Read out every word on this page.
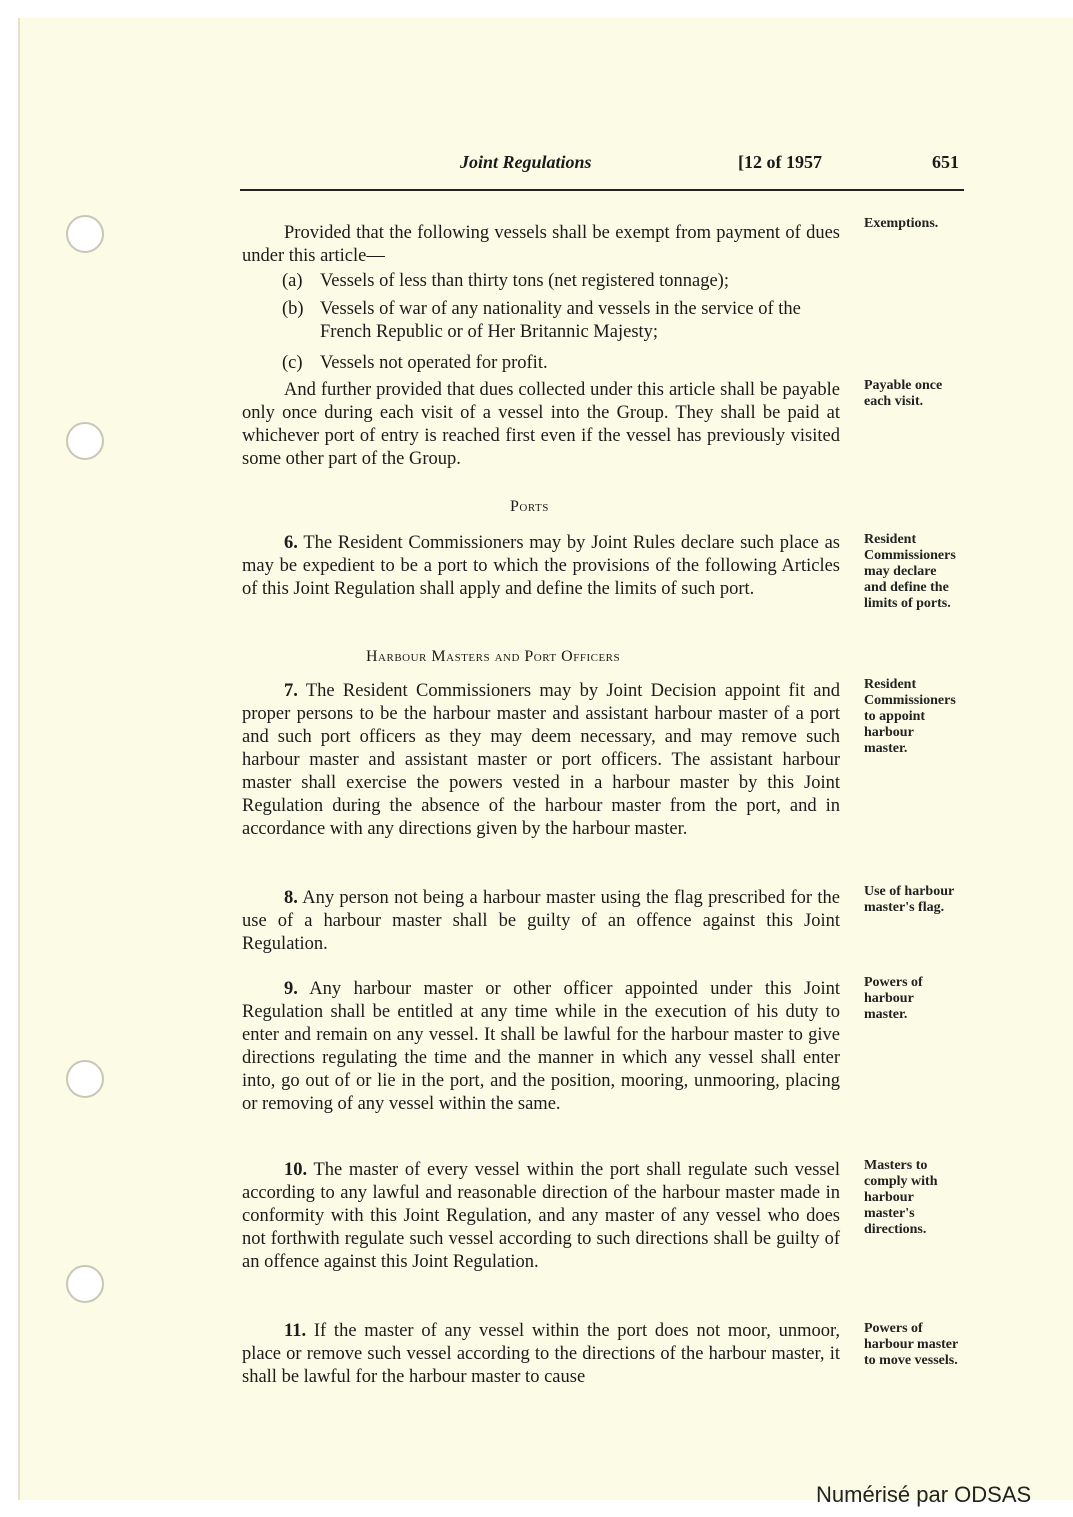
Joint Regulations	[12 of 1957	651
Provided that the following vessels shall be exempt from payment of dues under this article—
(a) Vessels of less than thirty tons (net registered tonnage);
(b) Vessels of war of any nationality and vessels in the service of the French Republic or of Her Britannic Majesty;
(c) Vessels not operated for profit.
And further provided that dues collected under this article shall be payable only once during each visit of a vessel into the Group. They shall be paid at whichever port of entry is reached first even if the vessel has previously visited some other part of the Group.
Ports
6. The Resident Commissioners may by Joint Rules declare such place as may be expedient to be a port to which the provisions of the following Articles of this Joint Regulation shall apply and define the limits of such port.
Harbour Masters and Port Officers
7. The Resident Commissioners may by Joint Decision appoint fit and proper persons to be the harbour master and assistant harbour master of a port and such port officers as they may deem necessary, and may remove such harbour master and assistant master or port officers. The assistant harbour master shall exercise the powers vested in a harbour master by this Joint Regulation during the absence of the harbour master from the port, and in accordance with any directions given by the harbour master.
8. Any person not being a harbour master using the flag prescribed for the use of a harbour master shall be guilty of an offence against this Joint Regulation.
9. Any harbour master or other officer appointed under this Joint Regulation shall be entitled at any time while in the execution of his duty to enter and remain on any vessel. It shall be lawful for the harbour master to give directions regulating the time and the manner in which any vessel shall enter into, go out of or lie in the port, and the position, mooring, unmooring, placing or removing of any vessel within the same.
10. The master of every vessel within the port shall regulate such vessel according to any lawful and reasonable direction of the harbour master made in conformity with this Joint Regulation, and any master of any vessel who does not forthwith regulate such vessel according to such directions shall be guilty of an offence against this Joint Regulation.
11. If the master of any vessel within the port does not moor, unmoor, place or remove such vessel according to the directions of the harbour master, it shall be lawful for the harbour master to cause
Exemptions.
Payable once each visit.
Resident Commissioners may declare and define the limits of ports.
Resident Commissioners to appoint harbour master.
Use of harbour master's flag.
Powers of harbour master.
Masters to comply with harbour master's directions.
Powers of harbour master to move vessels.
Numérisé par ODSAS
